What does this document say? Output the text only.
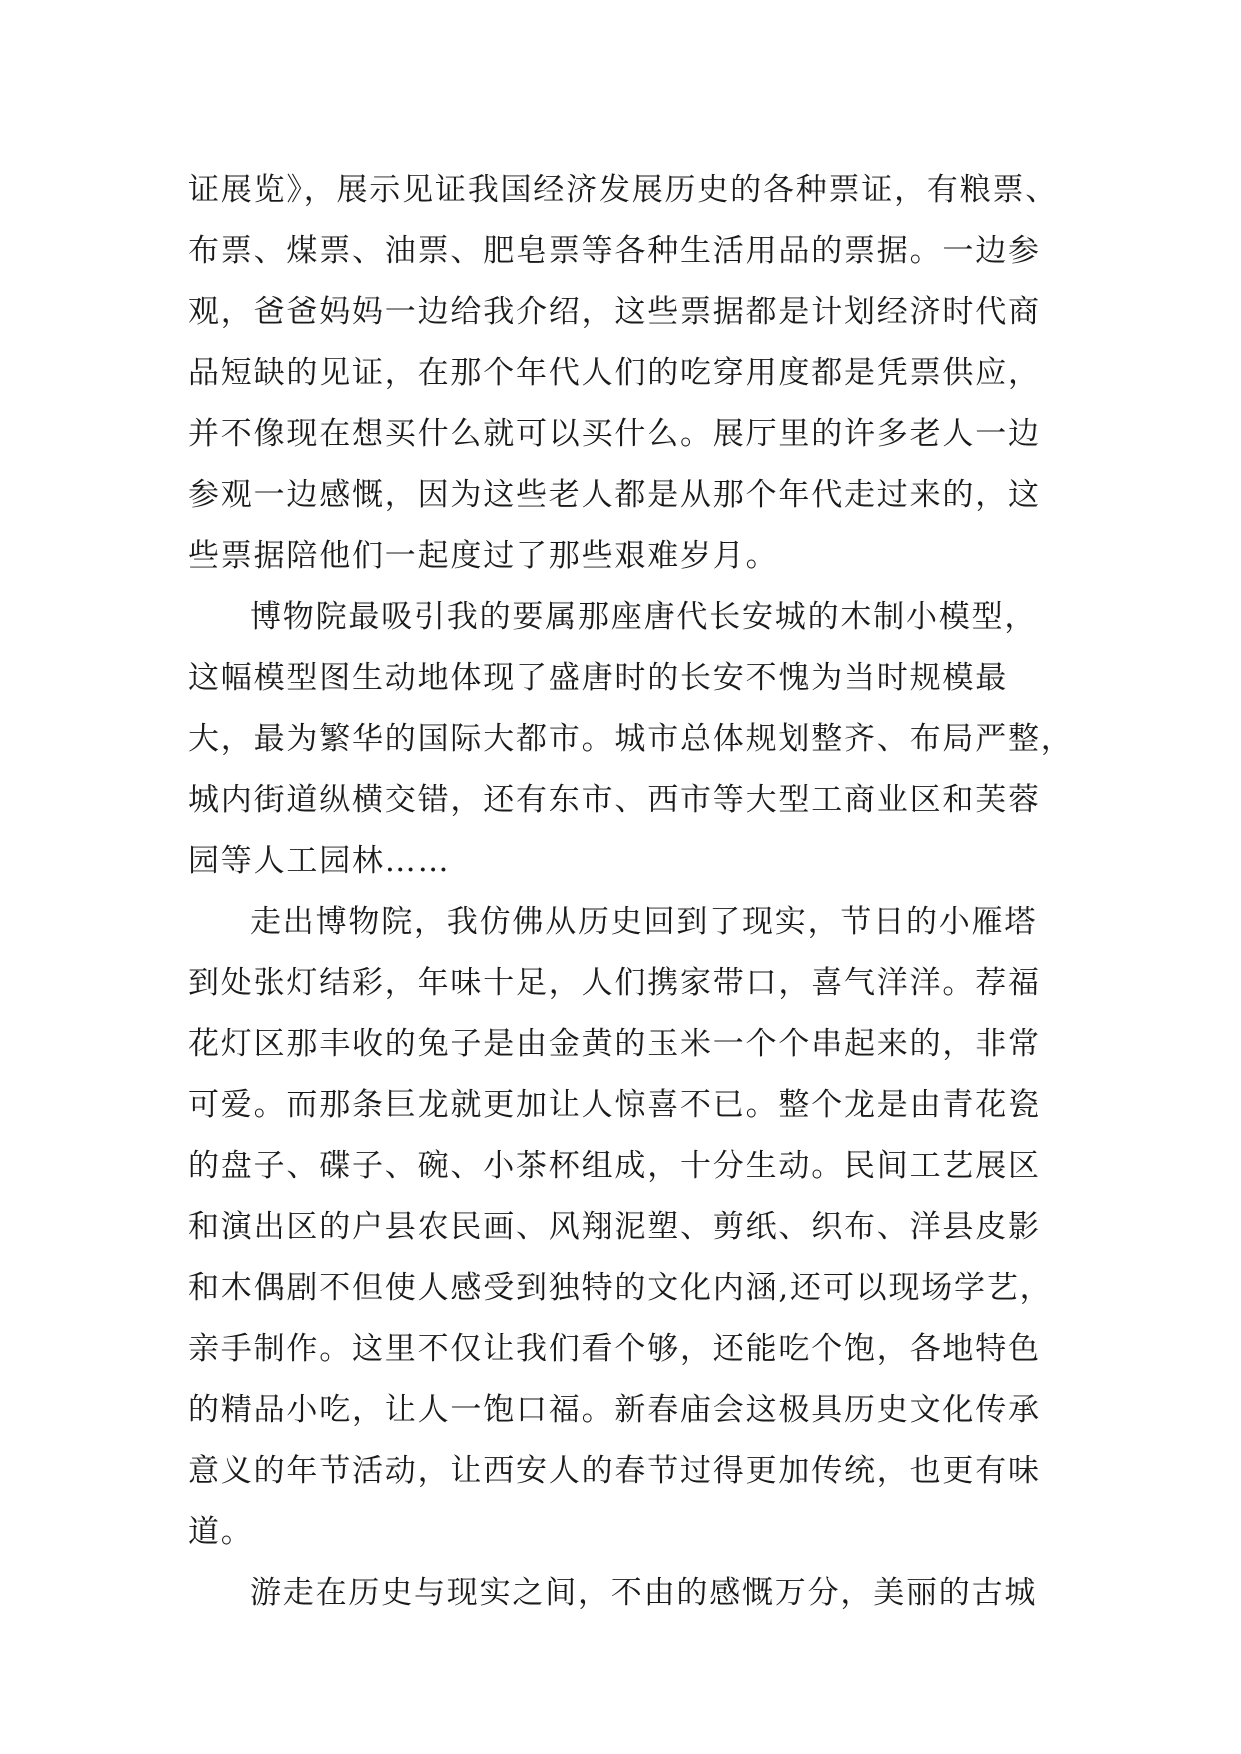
证展览》，展示见证我国经济发展历史的各种票证，有粮票、
布票、煤票、油票、肥皂票等各种生活用品的票据。一边参
观，爸爸妈妈一边给我介绍，这些票据都是计划经济时代商
品短缺的见证，在那个年代人们的吃穿用度都是凭票供应，
并不像现在想买什么就可以买什么。展厅里的许多老人一边
参观一边感慨，因为这些老人都是从那个年代走过来的，这
些票据陪他们一起度过了那些艰难岁月。
博物院最吸引我的要属那座唐代长安城的木制小模型，
这幅模型图生动地体现了盛唐时的长安不愧为当时规模最
大，最为繁华的国际大都市。城市总体规划整齐、布局严整，
城内街道纵横交错，还有东市、西市等大型工商业区和芙蓉
园等人工园林……
走出博物院，我仿佛从历史回到了现实，节日的小雁塔
到处张灯结彩，年味十足，人们携家带口，喜气洋洋。荐福
花灯区那丰收的兔子是由金黄的玉米一个个串起来的，非常
可爱。而那条巨龙就更加让人惊喜不已。整个龙是由青花瓷
的盘子、碟子、碗、小茶杯组成，十分生动。民间工艺展区
和演出区的户县农民画、风翔泥塑、剪纸、织布、洋县皮影
和木偶剧不但使人感受到独特的文化内涵,还可以现场学艺，
亲手制作。这里不仅让我们看个够，还能吃个饱，各地特色
的精品小吃，让人一饱口福。新春庙会这极具历史文化传承
意义的年节活动，让西安人的春节过得更加传统，也更有味
道。
游走在历史与现实之间，不由的感慨万分，美丽的古城
